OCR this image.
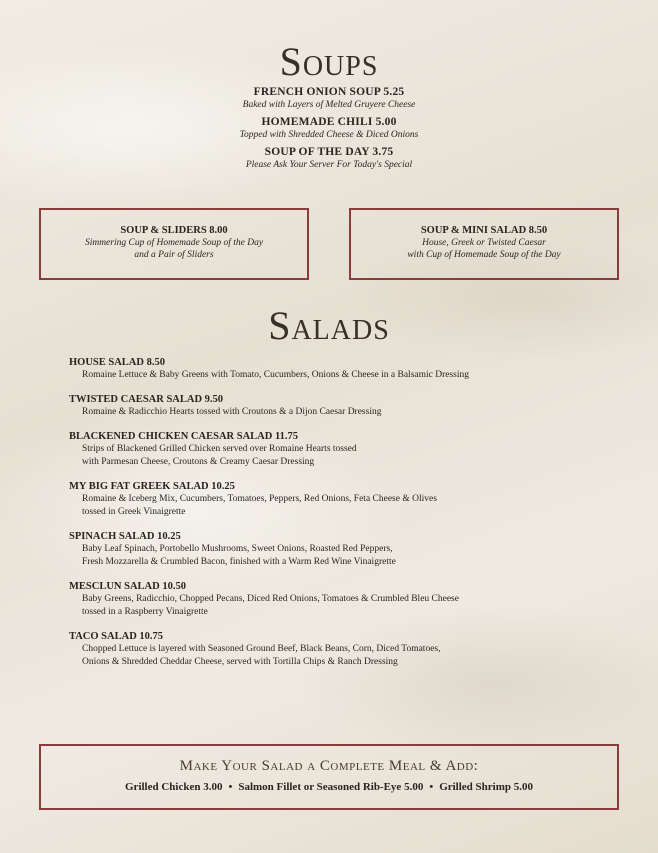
Soups
FRENCH ONION SOUP 5.25
Baked with Layers of Melted Gruyere Cheese
HOMEMADE CHILI 5.00
Topped with Shredded Cheese & Diced Onions
SOUP OF THE DAY 3.75
Please Ask Your Server For Today's Special
SOUP & SLIDERS 8.00
Simmering Cup of Homemade Soup of the Day
and a Pair of Sliders
SOUP & MINI SALAD 8.50
House, Greek or Twisted Caesar
with Cup of Homemade Soup of the Day
Salads
HOUSE SALAD 8.50
Romaine Lettuce & Baby Greens with Tomato, Cucumbers, Onions & Cheese in a Balsamic Dressing
TWISTED CAESAR SALAD 9.50
Romaine & Radicchio Hearts tossed with Croutons & a Dijon Caesar Dressing
BLACKENED CHICKEN CAESAR SALAD 11.75
Strips of Blackened Grilled Chicken served over Romaine Hearts tossed
with Parmesan Cheese, Croutons & Creamy Caesar Dressing
MY BIG FAT GREEK SALAD 10.25
Romaine & Iceberg Mix, Cucumbers, Tomatoes, Peppers, Red Onions, Feta Cheese & Olives
tossed in Greek Vinaigrette
SPINACH SALAD 10.25
Baby Leaf Spinach, Portobello Mushrooms, Sweet Onions, Roasted Red Peppers,
Fresh Mozzarella & Crumbled Bacon, finished with a Warm Red Wine Vinaigrette
MESCLUN SALAD 10.50
Baby Greens, Radicchio, Chopped Pecans, Diced Red Onions, Tomatoes & Crumbled Bleu Cheese
tossed in a Raspberry Vinaigrette
TACO SALAD 10.75
Chopped Lettuce is layered with Seasoned Ground Beef, Black Beans, Corn, Diced Tomatoes,
Onions & Shredded Cheddar Cheese, served with Tortilla Chips & Ranch Dressing
Make Your Salad a Complete Meal & Add:
Grilled Chicken 3.00 • Salmon Fillet or Seasoned Rib-Eye 5.00 • Grilled Shrimp 5.00
